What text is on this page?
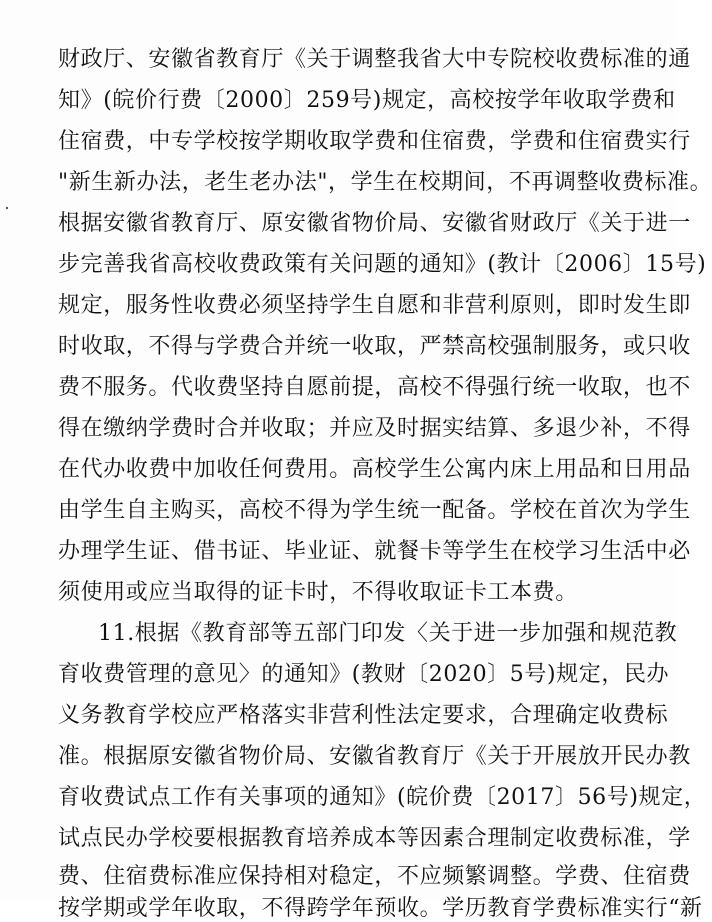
财政厅、安徽省教育厅《关于调整我省大中专院校收费标准的通
知》(皖价行费〔2000〕259号)规定，高校按学年收取学费和
住宿费，中专学校按学期收取学费和住宿费，学费和住宿费实行
"新生新办法，老生老办法"，学生在校期间，不再调整收费标准。
根据安徽省教育厅、原安徽省物价局、安徽省财政厅《关于进一
步完善我省高校收费政策有关问题的通知》(教计〔2006〕15号)
规定，服务性收费必须坚持学生自愿和非营利原则，即时发生即
时收取，不得与学费合并统一收取，严禁高校强制服务，或只收
费不服务。代收费坚持自愿前提，高校不得强行统一收取，也不
得在缴纳学费时合并收取；并应及时据实结算、多退少补，不得
在代办收费中加收任何费用。高校学生公寓内床上用品和日用品
由学生自主购买，高校不得为学生统一配备。学校在首次为学生
办理学生证、借书证、毕业证、就餐卡等学生在校学习生活中必
须使用或应当取得的证卡时，不得收取证卡工本费。
11.根据《教育部等五部门印发〈关于进一步加强和规范教
育收费管理的意见〉的通知》(教财〔2020〕5号)规定，民办
义务教育学校应严格落实非营利性法定要求，合理确定收费标
准。根据原安徽省物价局、安徽省教育厅《关于开展放开民办教
育收费试点工作有关事项的通知》(皖价费〔2017〕56号)规定，
试点民办学校要根据教育培养成本等因素合理制定收费标准，学
费、住宿费标准应保持相对稳定，不应频繁调整。学费、住宿费
按学期或学年收取，不得跨学年预收。学历教育学费标准实行“新
